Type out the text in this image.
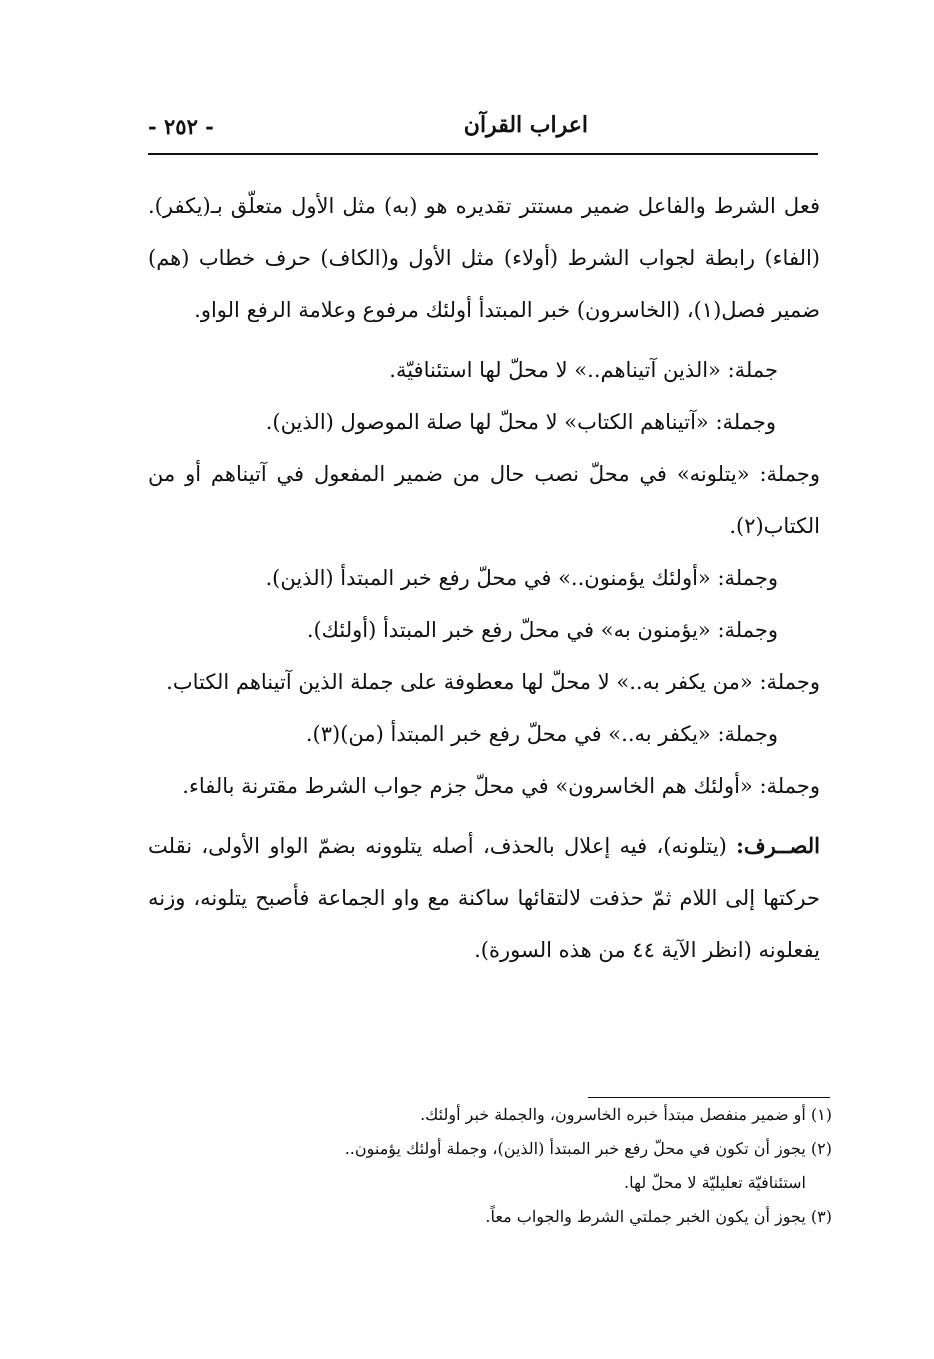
اعراب القرآن
- ٢٥٢ -

فعل الشرط والفاعل ضمير مستتر تقديره هو (به) مثل الأول متعلّق بـ(يكفر). (الفاء) رابطة لجواب الشرط (أولاء) مثل الأول و(الكاف) حرف خطاب (هم) ضمير فصل(١)، (الخاسرون) خبر المبتدأ أولئك مرفوع وعلامة الرفع الواو.

جملة: «الذين آتيناهم..» لا محلّ لها استئنافيّة.

وجملة: «آتيناهم الكتاب» لا محلّ لها صلة الموصول (الذين).

وجملة: «يتلونه» في محلّ نصب حال من ضمير المفعول في آتيناهم أو من الكتاب(٢).

وجملة: «أولئك يؤمنون..» في محلّ رفع خبر المبتدأ (الذين).

وجملة: «يؤمنون به» في محلّ رفع خبر المبتدأ (أولئك).

وجملة: «من يكفر به..» لا محلّ لها معطوفة على جملة الذين آتيناهم الكتاب.

وجملة: «يكفر به..» في محلّ رفع خبر المبتدأ (من)(٣).

وجملة: «أولئك هم الخاسرون» في محلّ جزم جواب الشرط مقترنة بالفاء.

الصــرف: (يتلونه)، فيه إعلال بالحذف، أصله يتلوونه بضمّ الواو الأولى، نقلت حركتها إلى اللام ثمّ حذفت لالتقائها ساكنة مع واو الجماعة فأصبح يتلونه، وزنه يفعلونه (انظر الآية ٤٤ من هذه السورة).

(١) أو ضمير منفصل مبتدأ خبره الخاسرون، والجملة خبر أولئك.

(٢) يجوز أن تكون في محلّ رفع خبر المبتدأ (الذين)، وجملة أولئك يؤمنون..
استئنافيّة تعليليّة لا محلّ لها.

(٣) يجوز أن يكون الخبر جملتي الشرط والجواب معاً.
